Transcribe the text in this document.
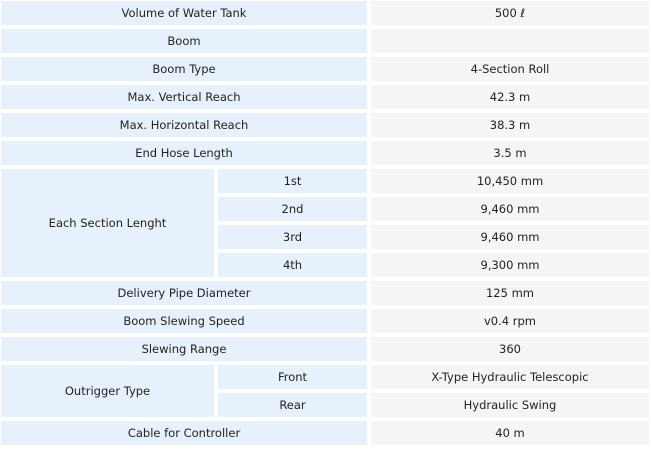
Volume of Water Tank	500 ℓ
Boom
Boom Type	4-Section Roll
Max. Vertical Reach	42.3 m
Max. Horizontal Reach	38.3 m
End Hose Length	3.5 m
Each Section Lenght
1st	10,450 mm
2nd	9,460 mm
3rd	9,460 mm
4th	9,300 mm
Delivery Pipe Diameter	125 mm
Boom Slewing Speed	v0.4 rpm
Slewing Range	360
Outrigger Type
Front	X-Type Hydraulic Telescopic
Rear	Hydraulic Swing
Cable for Controller	40 m
